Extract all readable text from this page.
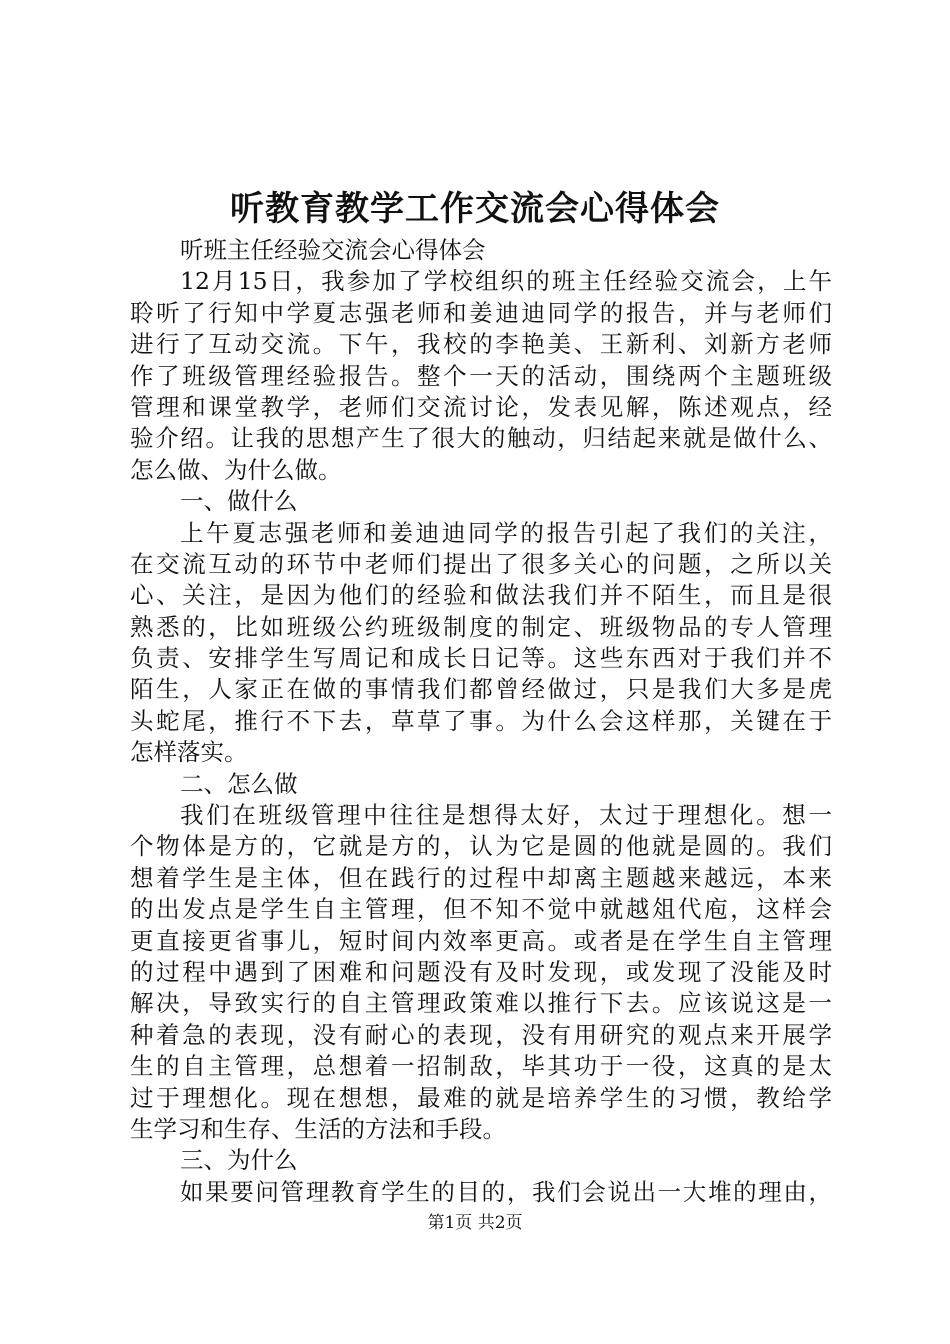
听教育教学工作交流会心得体会
听班主任经验交流会心得体会
12月15日，我参加了学校组织的班主任经验交流会，上午
聆听了行知中学夏志强老师和姜迪迪同学的报告，并与老师们
进行了互动交流。下午，我校的李艳美、王新利、刘新方老师
作了班级管理经验报告。整个一天的活动，围绕两个主题班级
管理和课堂教学，老师们交流讨论，发表见解，陈述观点，经
验介绍。让我的思想产生了很大的触动，归结起来就是做什么、
怎么做、为什么做。
一、做什么
上午夏志强老师和姜迪迪同学的报告引起了我们的关注，
在交流互动的环节中老师们提出了很多关心的问题，之所以关
心、关注，是因为他们的经验和做法我们并不陌生，而且是很
熟悉的，比如班级公约班级制度的制定、班级物品的专人管理
负责、安排学生写周记和成长日记等。这些东西对于我们并不
陌生，人家正在做的事情我们都曾经做过，只是我们大多是虎
头蛇尾，推行不下去，草草了事。为什么会这样那，关键在于
怎样落实。
二、怎么做
我们在班级管理中往往是想得太好，太过于理想化。想一
个物体是方的，它就是方的，认为它是圆的他就是圆的。我们
想着学生是主体，但在践行的过程中却离主题越来越远，本来
的出发点是学生自主管理，但不知不觉中就越俎代庖，这样会
更直接更省事儿，短时间内效率更高。或者是在学生自主管理
的过程中遇到了困难和问题没有及时发现，或发现了没能及时
解决，导致实行的自主管理政策难以推行下去。应该说这是一
种着急的表现，没有耐心的表现，没有用研究的观点来开展学
生的自主管理，总想着一招制敌，毕其功于一役，这真的是太
过于理想化。现在想想，最难的就是培养学生的习惯，教给学
生学习和生存、生活的方法和手段。
三、为什么
如果要问管理教育学生的目的，我们会说出一大堆的理由，
第1页 共2页
